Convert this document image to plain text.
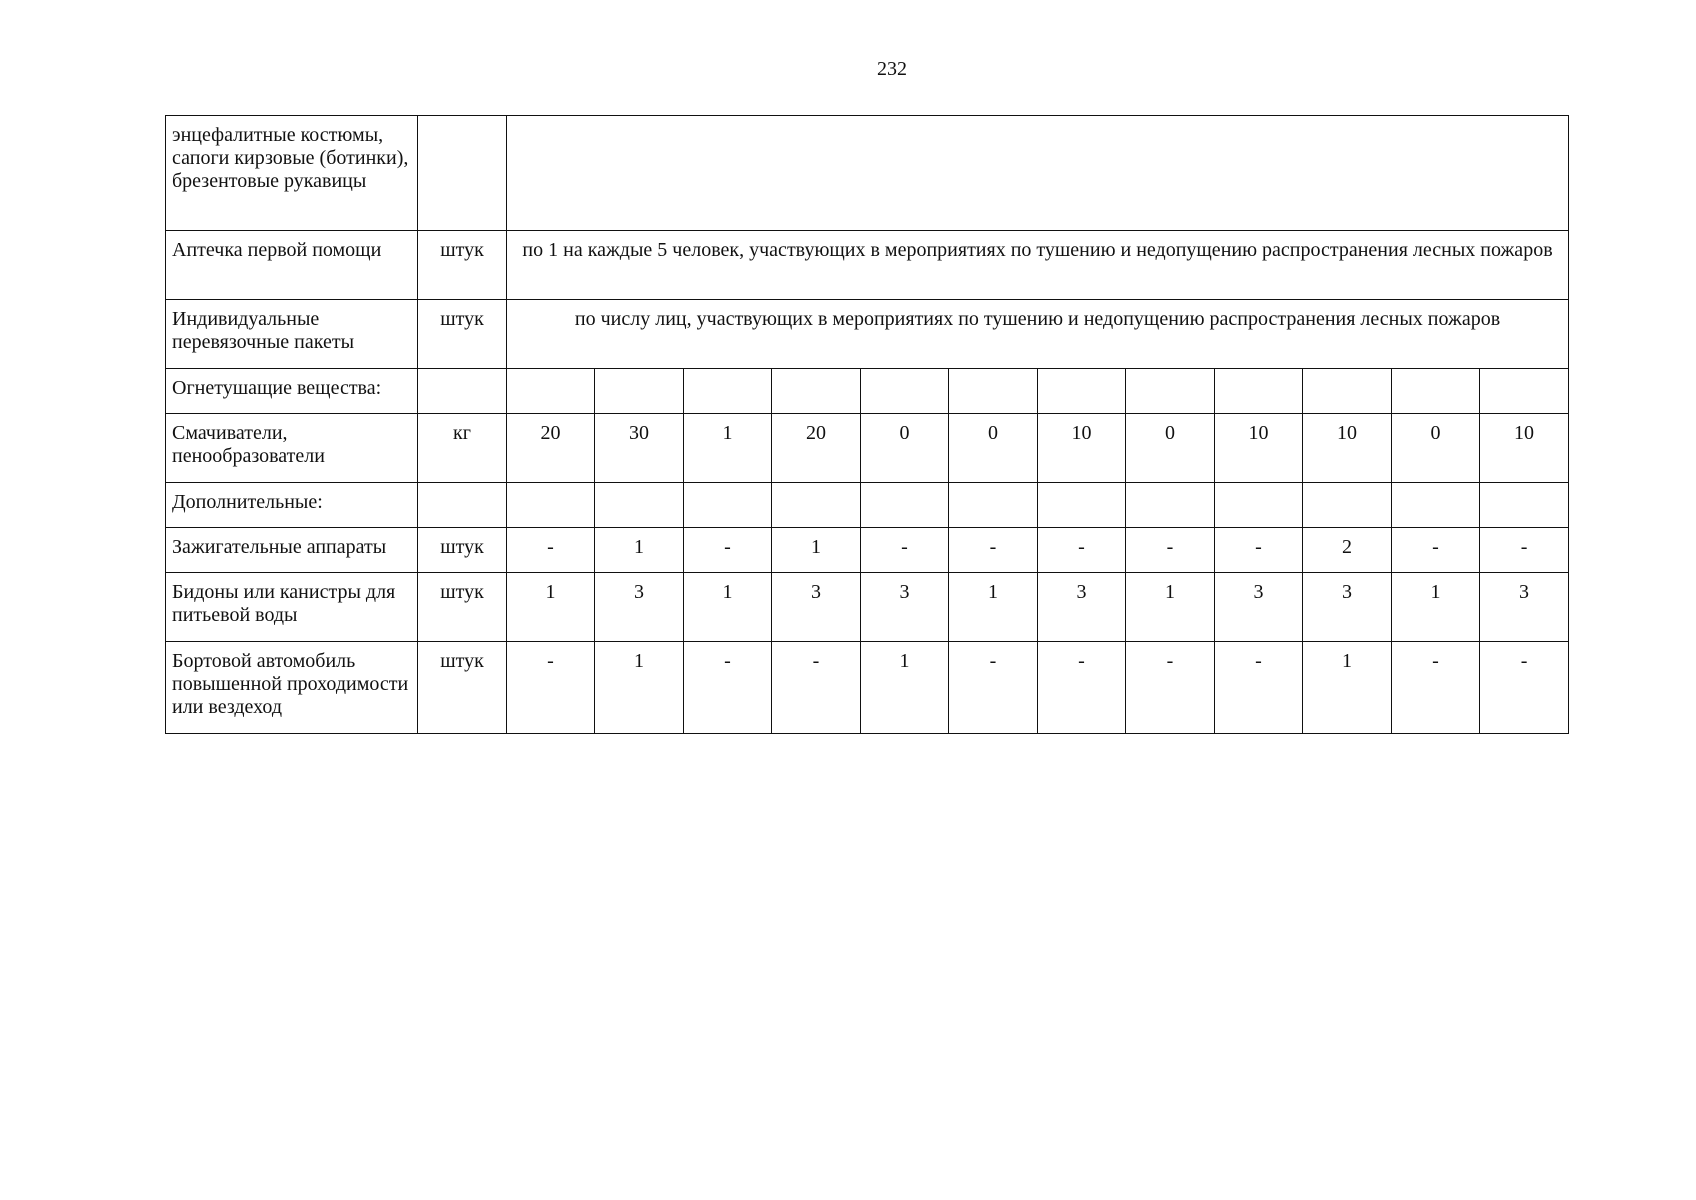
232
энцефалитные костюмы, сапоги кирзовые (ботинки), брезентовые рукавицы													
Аптечка первой помощи	штук	по 1 на каждые 5 человек, участвующих в мероприятиях по тушению и недопущению распространения лесных пожаров											
Индивидуальные перевязочные пакеты	штук	по числу лиц, участвующих в мероприятиях по тушению и недопущению распространения лесных пожаров											
Огнетушащие вещества:													
Смачиватели, пенообразователи	кг	20	30	1	20	0	0	10	0	10	10	0	10
Дополнительные:													
Зажигательные аппараты	штук	-	1	-	1	-	-	-	-	-	2	-	-
Бидоны или канистры для питьевой воды	штук	1	3	1	3	3	1	3	1	3	3	1	3
Бортовой автомобиль повышенной проходимости или вездеход	штук	-	1	-	-	1	-	-	-	-	1	-	-
